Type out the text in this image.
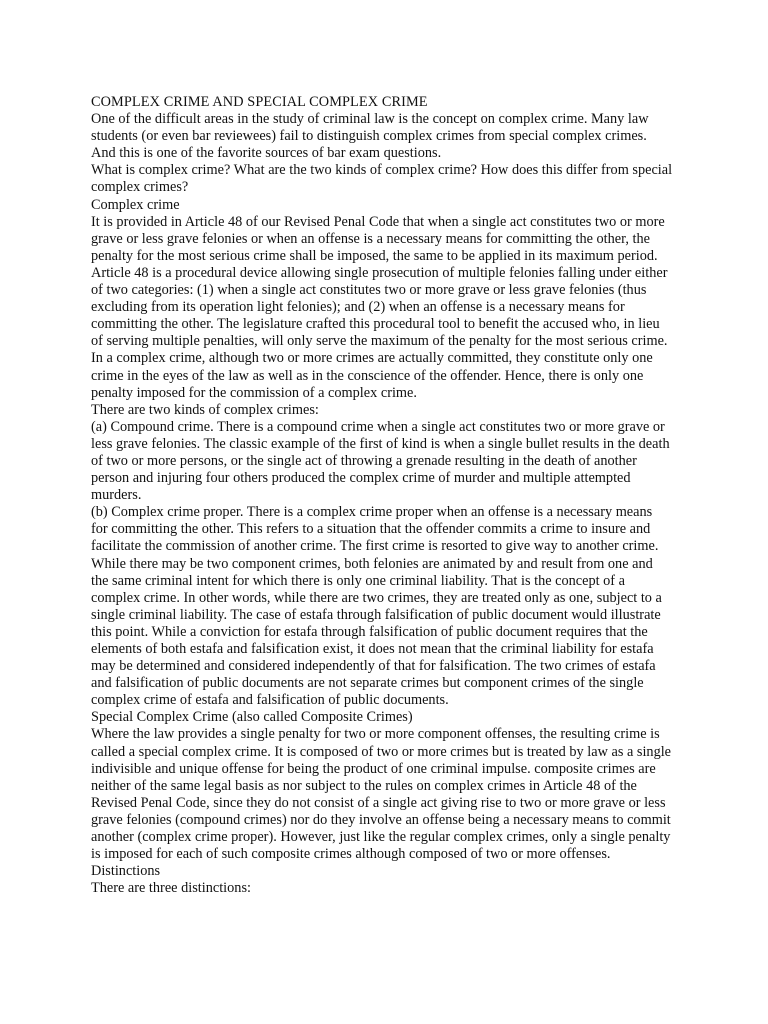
COMPLEX CRIME AND SPECIAL COMPLEX CRIME
One of the difficult areas in the study of criminal law is the concept on complex crime. Many law
students (or even bar reviewees) fail to distinguish complex crimes from special complex crimes.
And this is one of the favorite sources of bar exam questions.
What is complex crime? What are the two kinds of complex crime? How does this differ from special
complex crimes?
Complex crime
It is provided in Article 48 of our Revised Penal Code that when a single act constitutes two or more
grave or less grave felonies or when an offense is a necessary means for committing the other, the
penalty for the most serious crime shall be imposed, the same to be applied in its maximum period.
Article 48 is a procedural device allowing single prosecution of multiple felonies falling under either
of two categories: (1) when a single act constitutes two or more grave or less grave felonies (thus
excluding from its operation light felonies); and (2) when an offense is a necessary means for
committing the other. The legislature crafted this procedural tool to benefit the accused who, in lieu
of serving multiple penalties, will only serve the maximum of the penalty for the most serious crime.
In a complex crime, although two or more crimes are actually committed, they constitute only one
crime in the eyes of the law as well as in the conscience of the offender. Hence, there is only one
penalty imposed for the commission of a complex crime.
There are two kinds of complex crimes:
(a) Compound crime. There is a compound crime when a single act constitutes two or more grave or
less grave felonies. The classic example of the first of kind is when a single bullet results in the death
of two or more persons, or the single act of throwing a grenade resulting in the death of another
person and injuring four others produced the complex crime of murder and multiple attempted
murders.
(b) Complex crime proper. There is a complex crime proper when an offense is a necessary means
for committing the other. This refers to a situation that the offender commits a crime to insure and
facilitate the commission of another crime. The first crime is resorted to give way to another crime.
While there may be two component crimes, both felonies are animated by and result from one and
the same criminal intent for which there is only one criminal liability. That is the concept of a
complex crime. In other words, while there are two crimes, they are treated only as one, subject to a
single criminal liability. The case of estafa through falsification of public document would illustrate
this point. While a conviction for estafa through falsification of public document requires that the
elements of both estafa and falsification exist, it does not mean that the criminal liability for estafa
may be determined and considered independently of that for falsification. The two crimes of estafa
and falsification of public documents are not separate crimes but component crimes of the single
complex crime of estafa and falsification of public documents.
Special Complex Crime (also called Composite Crimes)
Where the law provides a single penalty for two or more component offenses, the resulting crime is
called a special complex crime. It is composed of two or more crimes but is treated by law as a single
indivisible and unique offense for being the product of one criminal impulse. composite crimes are
neither of the same legal basis as nor subject to the rules on complex crimes in Article 48 of the
Revised Penal Code, since they do not consist of a single act giving rise to two or more grave or less
grave felonies (compound crimes) nor do they involve an offense being a necessary means to commit
another (complex crime proper). However, just like the regular complex crimes, only a single penalty
is imposed for each of such composite crimes although composed of two or more offenses.
Distinctions
There are three distinctions:
